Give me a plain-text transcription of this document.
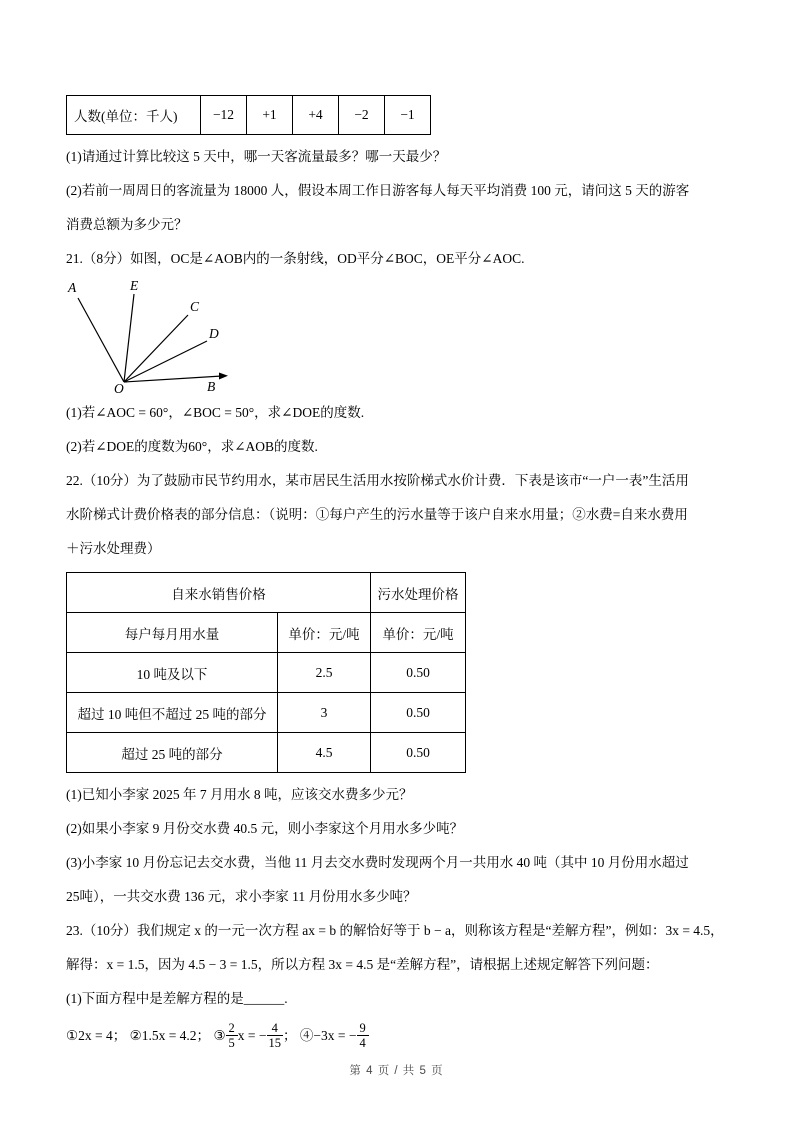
人数(单位：千人)	−12	+1	+4	−2	−1
(1)请通过计算比较这 5 天中，哪一天客流量最多？哪一天最少？
(2)若前一周周日的客流量为 18000 人，假设本周工作日游客每人每天平均消费 100 元，请问这 5 天的游客
消费总额为多少元？
21.（8分）如图，OC是∠AOB内的一条射线，OD平分∠BOC，OE平分∠AOC.
A	E
C
D
B
O
(1)若∠AOC = 60°，∠BOC = 50°，求∠DOE的度数.
(2)若∠DOE的度数为60°，求∠AOB的度数.
22.（10分）为了鼓励市民节约用水，某市居民生活用水按阶梯式水价计费．下表是该市“一户一表”生活用
水阶梯式计费价格表的部分信息：（说明：①每户产生的污水量等于该户自来水用量；②水费=自来水费用
＋污水处理费）
自来水销售价格		污水处理价格
每户每月用水量	单价：元/吨	单价：元/吨
10 吨及以下	2.5	0.50
超过 10 吨但不超过 25 吨的部分	3	0.50
超过 25 吨的部分	4.5	0.50
(1)已知小李家 2025 年 7 月用水 8 吨，应该交水费多少元？
(2)如果小李家 9 月份交水费 40.5 元，则小李家这个月用水多少吨？
(3)小李家 10 月份忘记去交水费，当他 11 月去交水费时发现两个月一共用水 40 吨（其中 10 月份用水超过
25吨），一共交水费 136 元，求小李家 11 月份用水多少吨？
23.（10分）我们规定 x 的一元一次方程 ax = b 的解恰好等于 b − a，则称该方程是“差解方程”，例如：3x = 4.5，
解得：x = 1.5，因为 4.5 − 3 = 1.5，所以方程 3x = 4.5 是“差解方程”，请根据上述规定解答下列问题：
(1)下面方程中是差解方程的是______.
①2x = 4； ②1.5x = 4.2； ③ $\frac{2}{5}$ x = − $\frac{4}{15}$ ； ④−3x = − $\frac{9}{4}$
第 4 页 / 共 5 页
